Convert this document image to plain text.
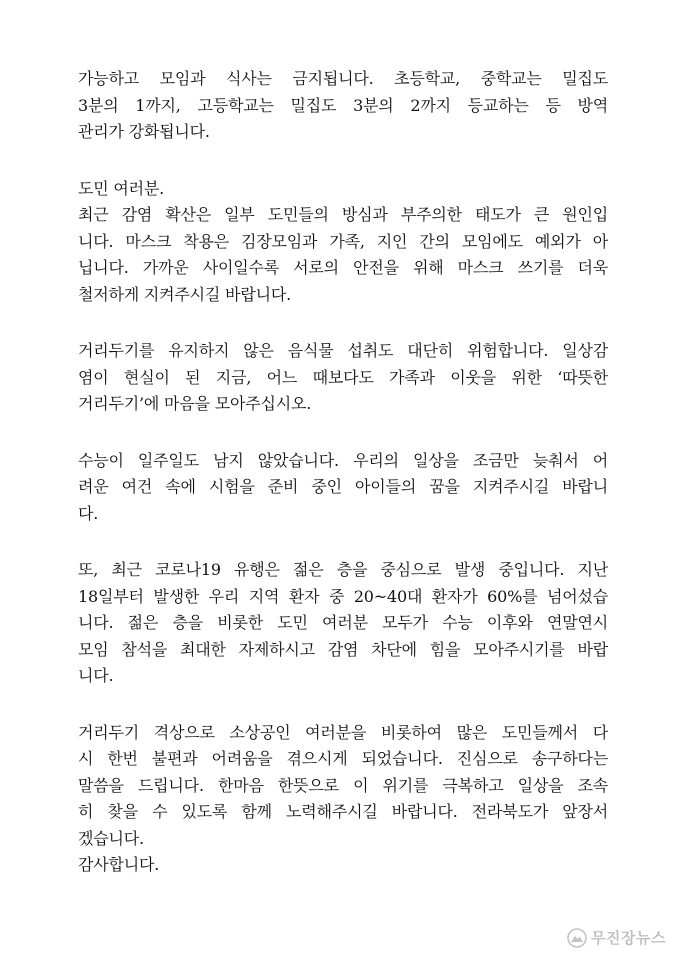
가능하고 모임과 식사는 금지됩니다. 초등학교, 중학교는 밀집도
3분의 1까지, 고등학교는 밀집도 3분의 2까지 등교하는 등 방역
관리가 강화됩니다.
도민 여러분.
최근 감염 확산은 일부 도민들의 방심과 부주의한 태도가 큰 원인입
니다. 마스크 착용은 김장모임과 가족, 지인 간의 모임에도 예외가 아
닙니다. 가까운 사이일수록 서로의 안전을 위해 마스크 쓰기를 더욱
철저하게 지켜주시길 바랍니다.
거리두기를 유지하지 않은 음식물 섭취도 대단히 위험합니다. 일상감
염이 현실이 된 지금, 어느 때보다도 가족과 이웃을 위한 ‘따뜻한
거리두기’에 마음을 모아주십시오.
수능이 일주일도 남지 않았습니다. 우리의 일상을 조금만 늦춰서 어
려운 여건 속에 시험을 준비 중인 아이들의 꿈을 지켜주시길 바랍니
다.
또, 최근 코로나19 유행은 젊은 층을 중심으로 발생 중입니다. 지난
18일부터 발생한 우리 지역 환자 중 20~40대 환자가 60%를 넘어섰습
니다. 젊은 층을 비롯한 도민 여러분 모두가 수능 이후와 연말연시
모임 참석을 최대한 자제하시고 감염 차단에 힘을 모아주시기를 바랍
니다.
거리두기 격상으로 소상공인 여러분을 비롯하여 많은 도민들께서 다
시 한번 불편과 어려움을 겪으시게 되었습니다. 진심으로 송구하다는
말씀을 드립니다. 한마음 한뜻으로 이 위기를 극복하고 일상을 조속
히 찾을 수 있도록 함께 노력해주시길 바랍니다. 전라북도가 앞장서
겠습니다.
감사합니다.
무진장뉴스
